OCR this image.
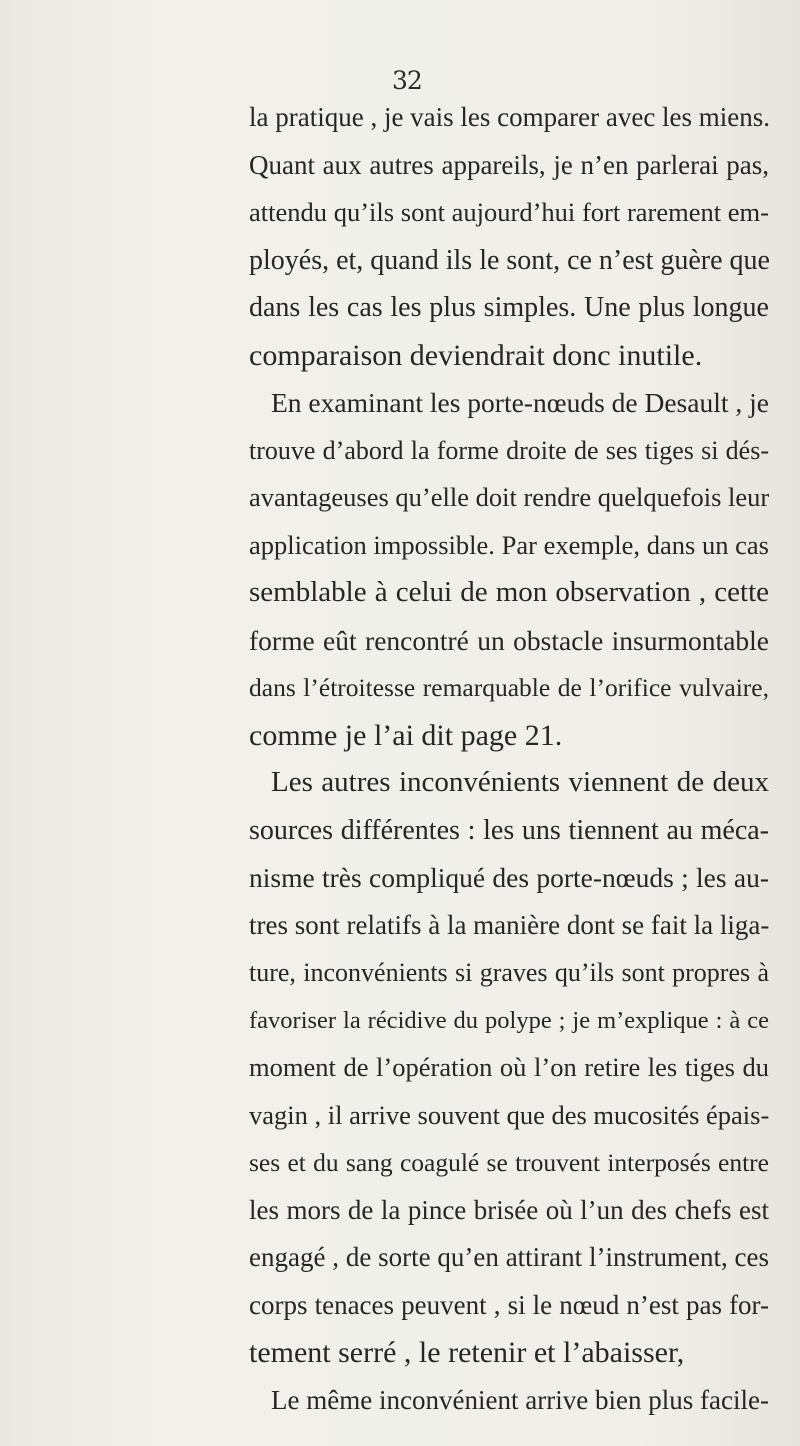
32
la pratique , je vais les comparer avec les miens.
Quant aux autres appareils, je n’en parlerai pas,
attendu qu’ils sont aujourd’hui fort rarement em-
ployés, et, quand ils le sont, ce n’est guère que
dans les cas les plus simples. Une plus longue
comparaison deviendrait donc inutile.
En examinant les porte-nœuds de Desault , je
trouve d’abord la forme droite de ses tiges si dés-
avantageuses qu’elle doit rendre quelquefois leur
application impossible. Par exemple, dans un cas
semblable à celui de mon observation , cette
forme eût rencontré un obstacle insurmontable
dans l’étroitesse remarquable de l’orifice vulvaire,
comme je l’ai dit page 21.
Les autres inconvénients viennent de deux
sources différentes : les uns tiennent au méca-
nisme très compliqué des porte-nœuds ; les au-
tres sont relatifs à la manière dont se fait la liga-
ture, inconvénients si graves qu’ils sont propres à
favoriser la récidive du polype ; je m’explique : à ce
moment de l’opération où l’on retire les tiges du
vagin , il arrive souvent que des mucosités épais-
ses et du sang coagulé se trouvent interposés entre
les mors de la pince brisée où l’un des chefs est
engagé , de sorte qu’en attirant l’instrument, ces
corps tenaces peuvent , si le nœud n’est pas for-
tement serré , le retenir et l’abaisser,
Le même inconvénient arrive bien plus facile-
